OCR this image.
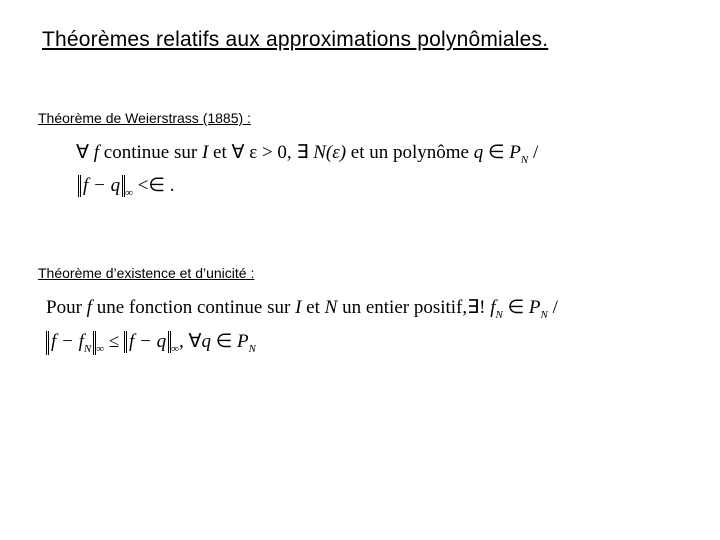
Théorèmes relatifs aux approximations polynômiales.
Théorème de Weierstrass (1885) :
∀ f continue sur I et ∀ ε > 0, ∃ N(ε) et un polynôme q ∈ $P_N$ /
f − q $_\infty$ <∈ .
Théorème d’existence et d’unicité :
Pour f une fonction continue sur I et N un entier positif,∃! $f_N$ ∈ $P_N$ /
$f - f_N$ $_\infty$ ≤ f − q $_\infty$, ∀q ∈ $P_N$
